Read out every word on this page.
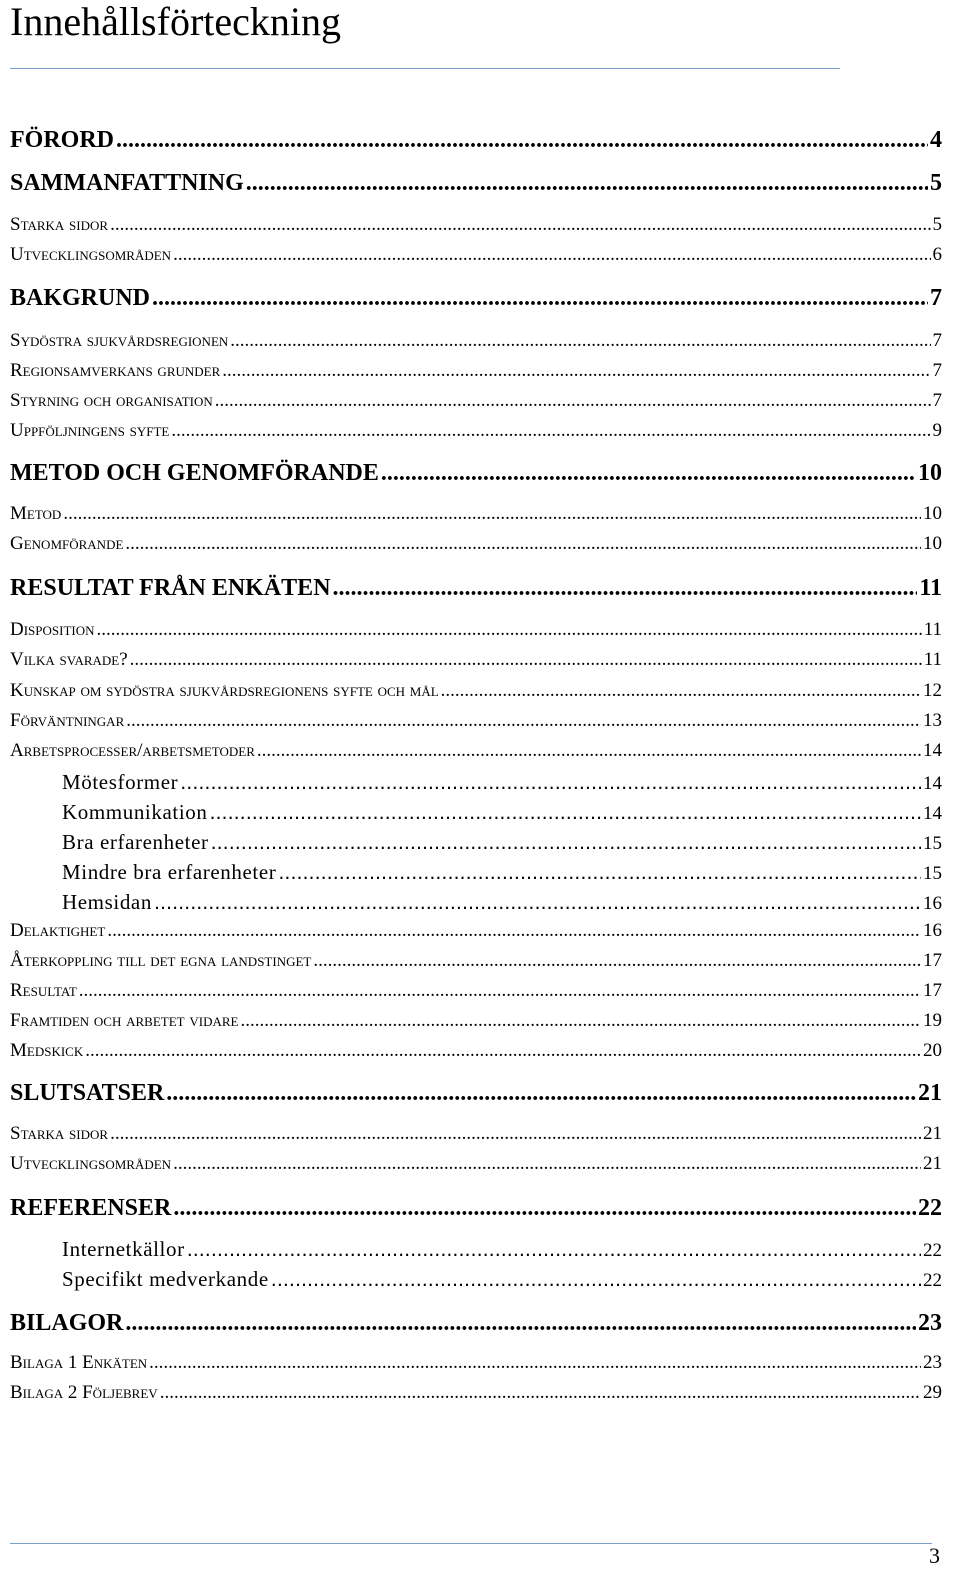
Innehållsförteckning
FÖRORD .....	4
SAMMANFATTNING .....	5
Starka sidor .....	5
Utvecklingsområden .....	6
BAKGRUND .....	7
Sydöstra sjukvårdsregionen .....	7
Regionsamverkans grunder .....	7
Styrning och organisation .....	7
Uppföljningens syfte .....	9
METOD OCH GENOMFÖRANDE .....	10
Metod .....	10
Genomförande .....	10
RESULTAT FRÅN ENKÄTEN .....	11
Disposition .....	11
Vilka svarade? .....	11
Kunskap om sydöstra sjukvårdsregionens syfte och mål .....	12
Förväntningar .....	13
Arbetsprocesser/arbetsmetoder .....	14
Mötesformer .....	14
Kommunikation .....	14
Bra erfarenheter .....	15
Mindre bra erfarenheter .....	15
Hemsidan .....	16
Delaktighet .....	16
Återkoppling till det egna landstinget .....	17
Resultat .....	17
Framtiden och arbetet vidare .....	19
Medskick .....	20
SLUTSATSER .....	21
Starka sidor .....	21
Utvecklingsområden .....	21
REFERENSER .....	22
Internetkällor .....	22
Specifikt medverkande .....	22
BILAGOR .....	23
Bilaga 1 Enkäten .....	23
Bilaga 2 Följebrev .....	29
3
